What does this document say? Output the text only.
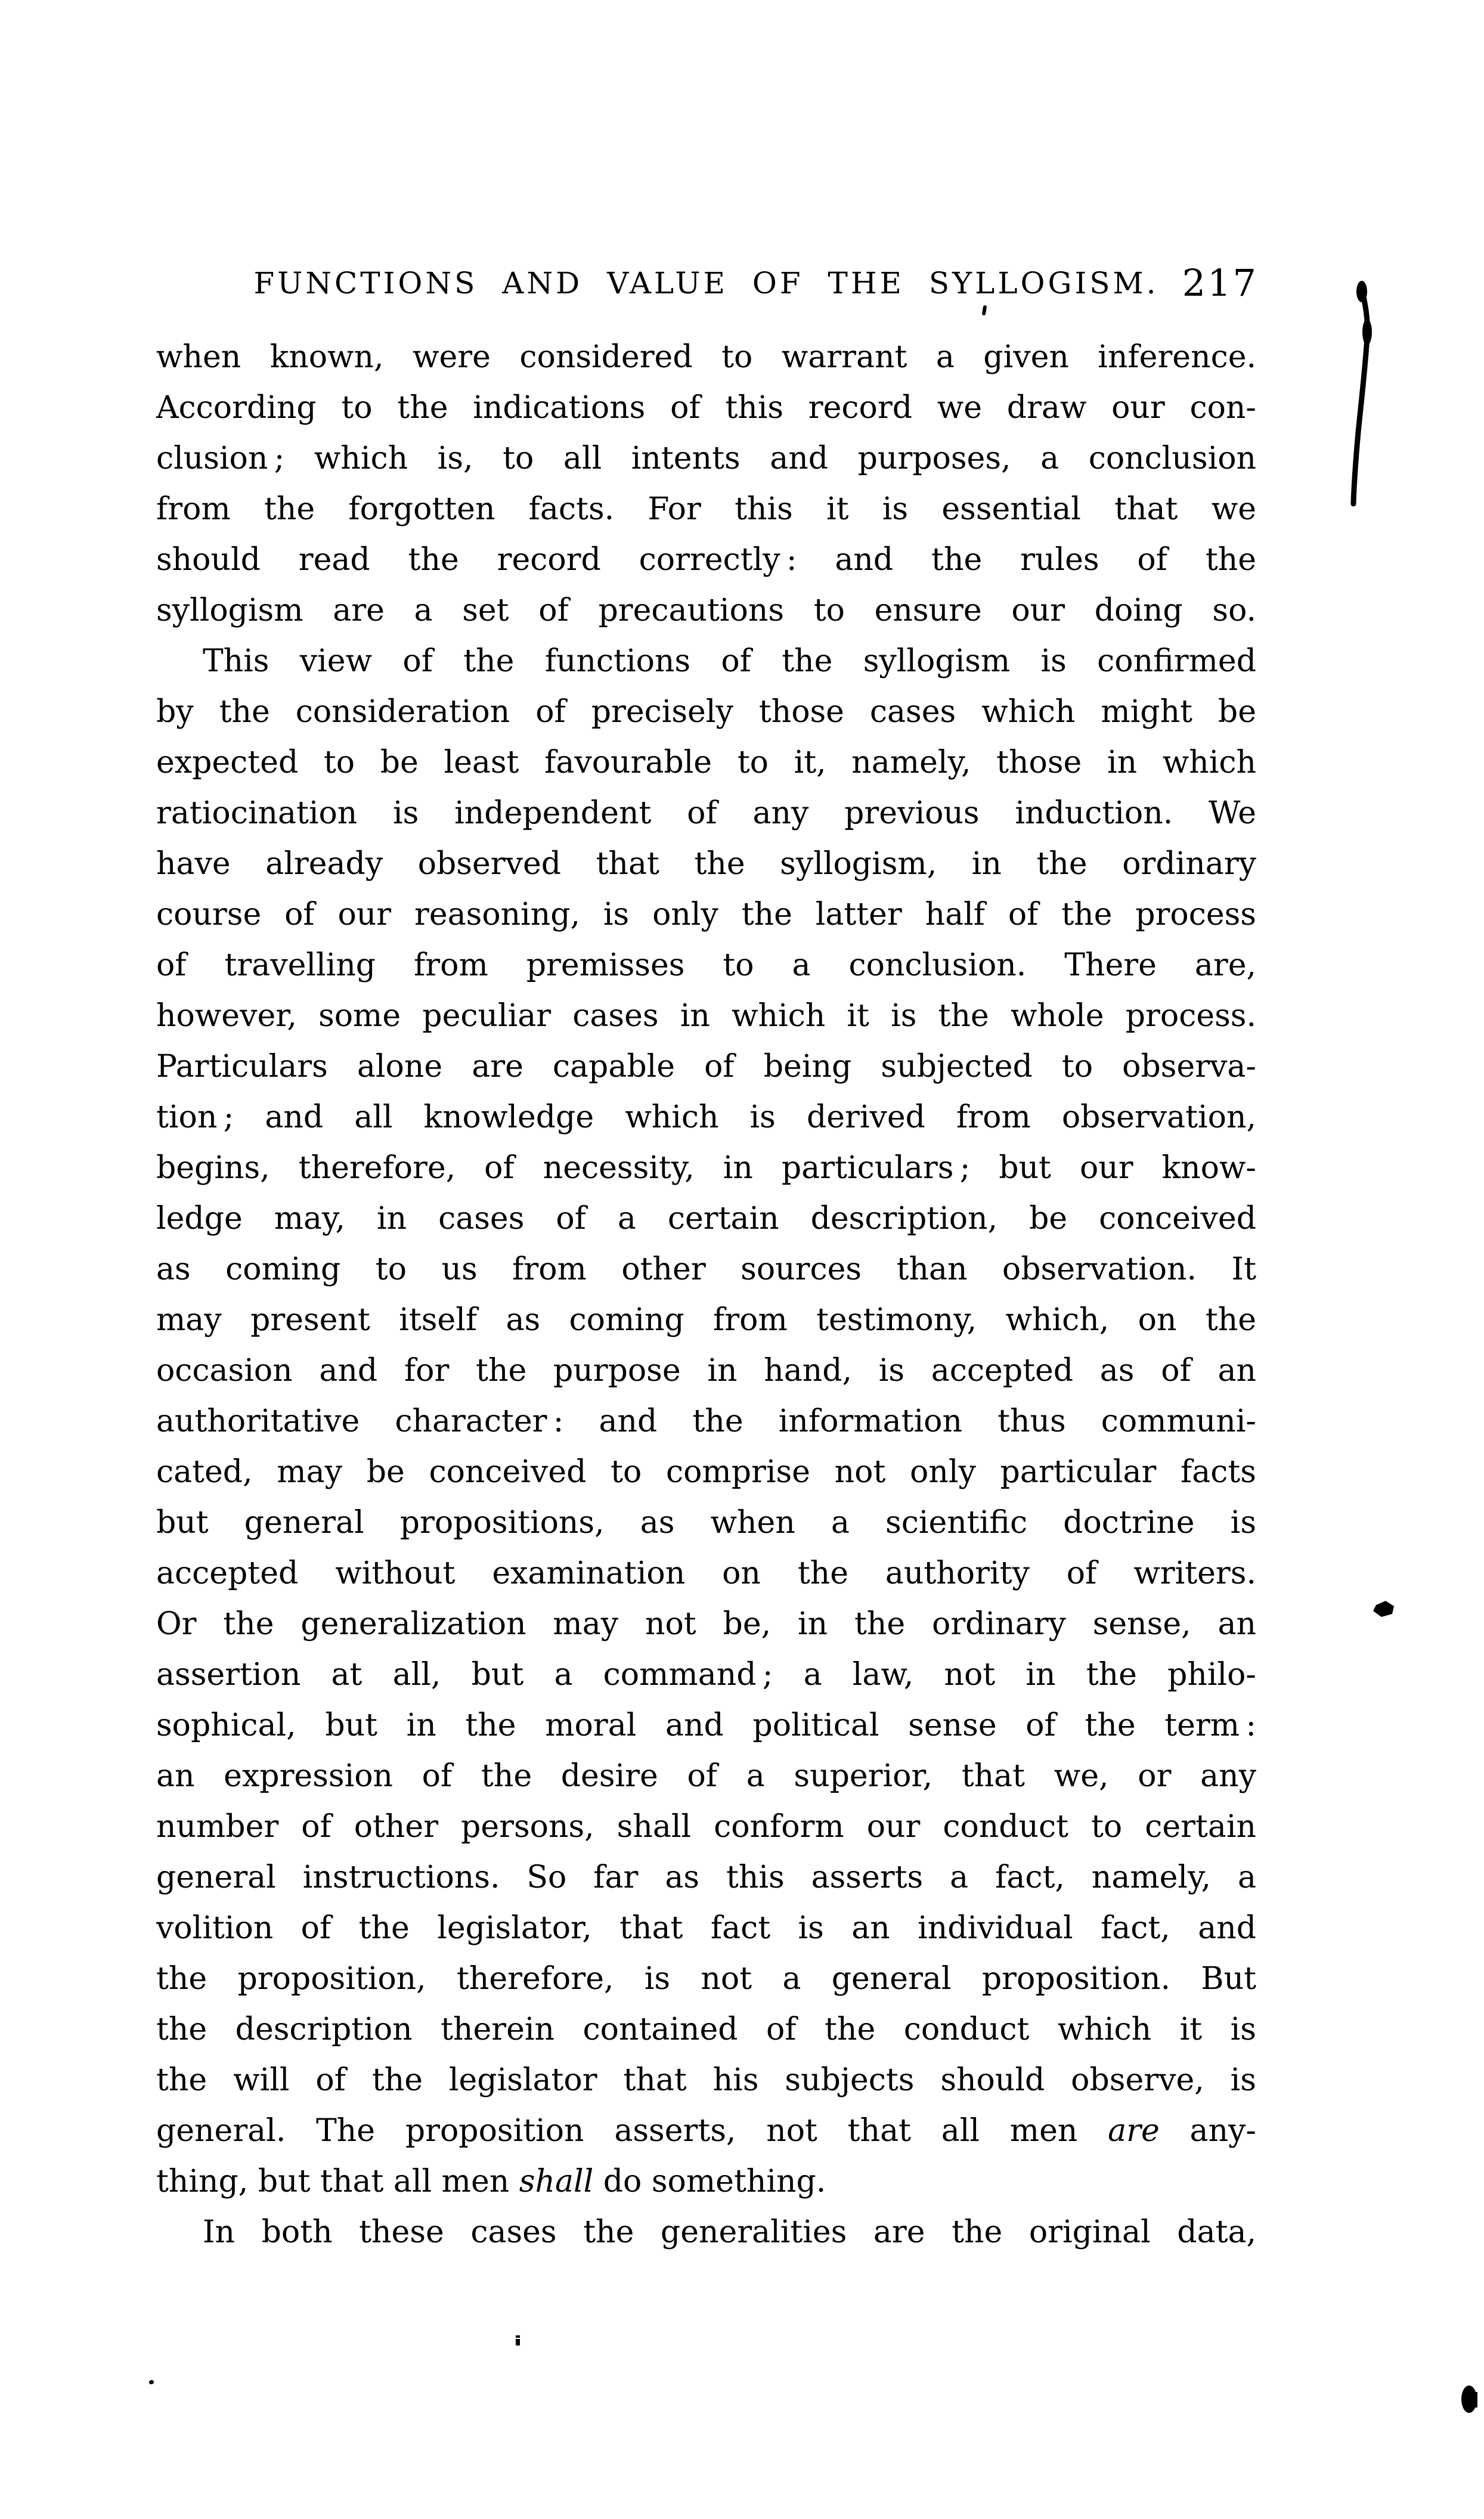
FUNCTIONS AND VALUE OF THE SYLLOGISM. 217
when known, were considered to warrant a given inference.
According to the indications of this record we draw our con-
clusion ; which is, to all intents and purposes, a conclusion
from the forgotten facts. For this it is essential that we
should read the record correctly : and the rules of the
syllogism are a set of precautions to ensure our doing so.
This view of the functions of the syllogism is confirmed
by the consideration of precisely those cases which might be
expected to be least favourable to it, namely, those in which
ratiocination is independent of any previous induction. We
have already observed that the syllogism, in the ordinary
course of our reasoning, is only the latter half of the process
of travelling from premisses to a conclusion. There are,
however, some peculiar cases in which it is the whole process.
Particulars alone are capable of being subjected to observa-
tion ; and all knowledge which is derived from observation,
begins, therefore, of necessity, in particulars ; but our know-
ledge may, in cases of a certain description, be conceived
as coming to us from other sources than observation. It
may present itself as coming from testimony, which, on the
occasion and for the purpose in hand, is accepted as of an
authoritative character : and the information thus communi-
cated, may be conceived to comprise not only particular facts
but general propositions, as when a scientific doctrine is
accepted without examination on the authority of writers.
Or the generalization may not be, in the ordinary sense, an
assertion at all, but a command ; a law, not in the philo-
sophical, but in the moral and political sense of the term :
an expression of the desire of a superior, that we, or any
number of other persons, shall conform our conduct to certain
general instructions. So far as this asserts a fact, namely, a
volition of the legislator, that fact is an individual fact, and
the proposition, therefore, is not a general proposition. But
the description therein contained of the conduct which it is
the will of the legislator that his subjects should observe, is
general. The proposition asserts, not that all men are any-
thing, but that all men shall do something.
In both these cases the generalities are the original data,
